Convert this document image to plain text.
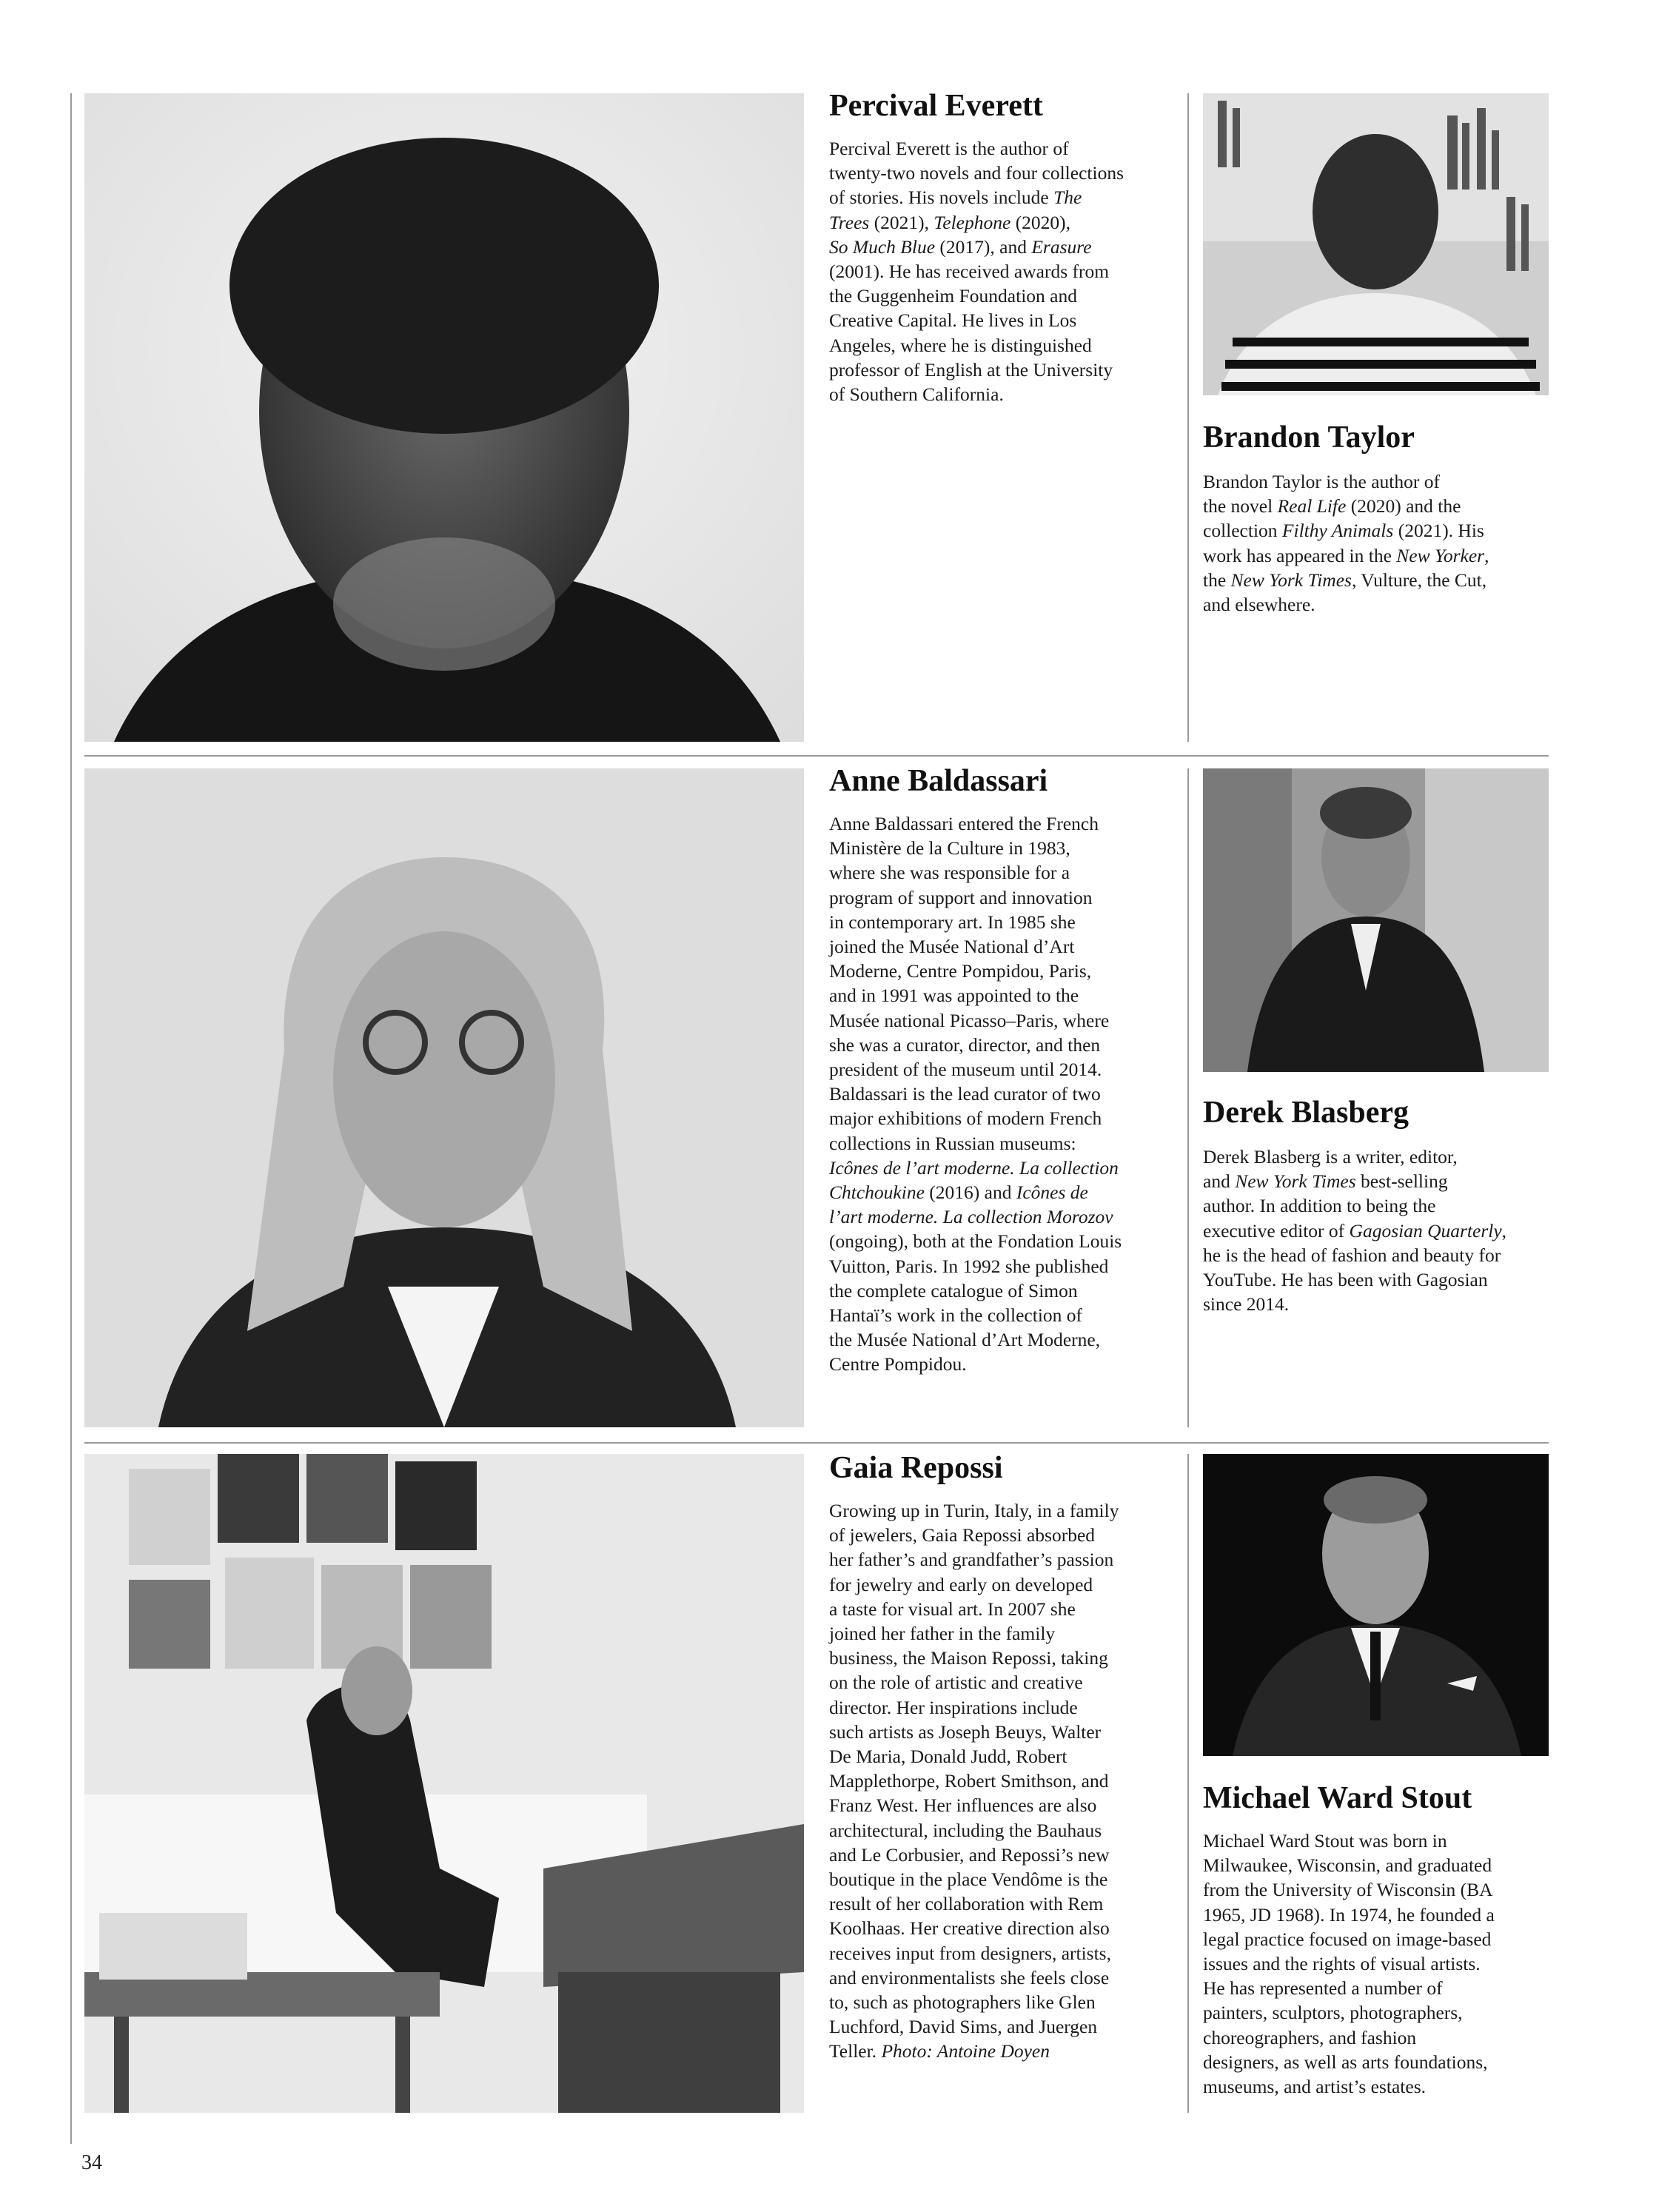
Percival Everett
Percival Everett is the author of
twenty-two novels and four collections
of stories. His novels include The
Trees (2021), Telephone (2020),
So Much Blue (2017), and Erasure
(2001). He has received awards from
the Guggenheim Foundation and
Creative Capital. He lives in Los
Angeles, where he is distinguished
professor of English at the University
of Southern California.
Brandon Taylor
Brandon Taylor is the author of
the novel Real Life (2020) and the
collection Filthy Animals (2021). His
work has appeared in the New Yorker,
the New York Times, Vulture, the Cut,
and elsewhere.
Anne Baldassari
Anne Baldassari entered the French
Ministère de la Culture in 1983,
where she was responsible for a
program of support and innovation
in contemporary art. In 1985 she
joined the Musée National d’Art
Moderne, Centre Pompidou, Paris,
and in 1991 was appointed to the
Musée national Picasso–Paris, where
she was a curator, director, and then
president of the museum until 2014.
Baldassari is the lead curator of two
major exhibitions of modern French
collections in Russian museums:
Icônes de l’art moderne. La collection
Chtchoukine (2016) and Icônes de
l’art moderne. La collection Morozov
(ongoing), both at the Fondation Louis
Vuitton, Paris. In 1992 she published
the complete catalogue of Simon
Hantaï’s work in the collection of
the Musée National d’Art Moderne,
Centre Pompidou.
Derek Blasberg
Derek Blasberg is a writer, editor,
and New York Times best-selling
author. In addition to being the
executive editor of Gagosian Quarterly,
he is the head of fashion and beauty for
YouTube. He has been with Gagosian
since 2014.
Gaia Repossi
Growing up in Turin, Italy, in a family
of jewelers, Gaia Repossi absorbed
her father’s and grandfather’s passion
for jewelry and early on developed
a taste for visual art. In 2007 she
joined her father in the family
business, the Maison Repossi, taking
on the role of artistic and creative
director. Her inspirations include
such artists as Joseph Beuys, Walter
De Maria, Donald Judd, Robert
Mapplethorpe, Robert Smithson, and
Franz West. Her influences are also
architectural, including the Bauhaus
and Le Corbusier, and Repossi’s new
boutique in the place Vendôme is the
result of her collaboration with Rem
Koolhaas. Her creative direction also
receives input from designers, artists,
and environmentalists she feels close
to, such as photographers like Glen
Luchford, David Sims, and Juergen
Teller. Photo: Antoine Doyen
Michael Ward Stout
Michael Ward Stout was born in
Milwaukee, Wisconsin, and graduated
from the University of Wisconsin (BA
1965, JD 1968). In 1974, he founded a
legal practice focused on image-based
issues and the rights of visual artists.
He has represented a number of
painters, sculptors, photographers,
choreographers, and fashion
designers, as well as arts foundations,
museums, and artist’s estates.
34
